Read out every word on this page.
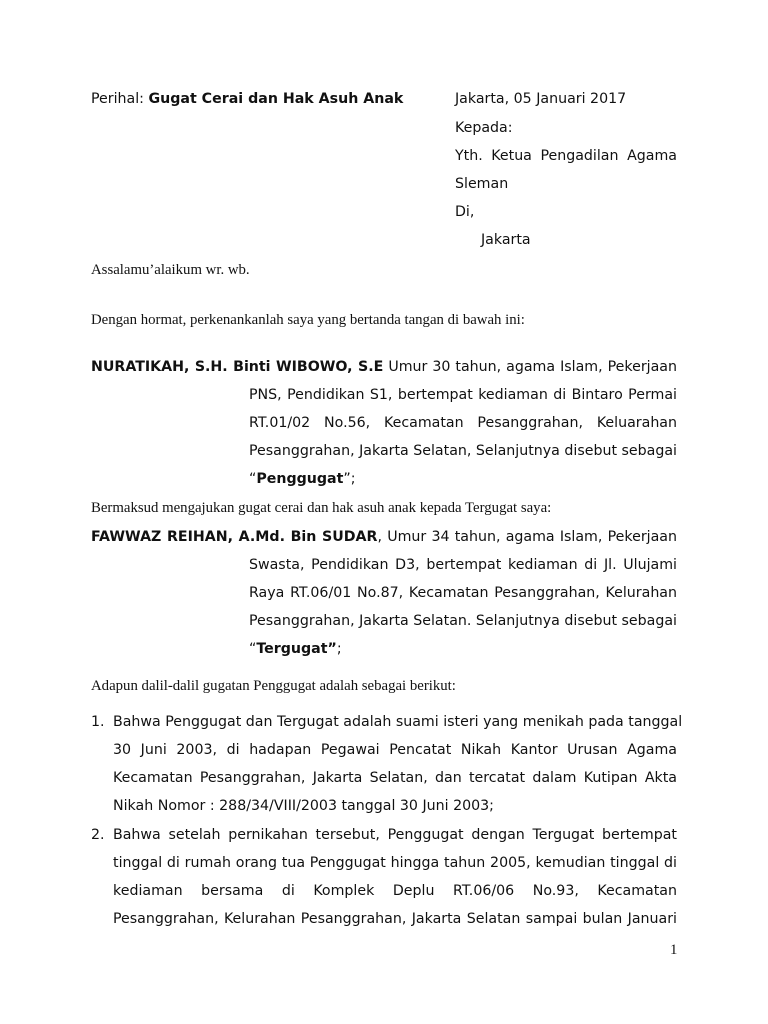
Perihal: Gugat Cerai dan Hak Asuh Anak	Jakarta, 05 Januari 2017
Kepada:
Yth. Ketua Pengadilan Agama
Sleman
Di,
Jakarta
Assalamu’alaikum wr. wb.
Dengan hormat, perkenankanlah saya yang bertanda tangan di bawah ini:
NURATIKAH, S.H. Binti WIBOWO, S.E Umur 30 tahun, agama Islam, Pekerjaan
PNS, Pendidikan S1, bertempat kediaman di Bintaro Permai
RT.01/02 No.56, Kecamatan Pesanggrahan, Keluarahan
Pesanggrahan, Jakarta Selatan, Selanjutnya disebut sebagai
“Penggugat”;
Bermaksud mengajukan gugat cerai dan hak asuh anak kepada Tergugat saya:
FAWWAZ REIHAN, A.Md. Bin SUDAR, Umur 34 tahun, agama Islam, Pekerjaan
Swasta, Pendidikan D3, bertempat kediaman di Jl. Ulujami
Raya RT.06/01 No.87, Kecamatan Pesanggrahan, Kelurahan
Pesanggrahan, Jakarta Selatan. Selanjutnya disebut sebagai
“Tergugat”;
Adapun dalil-dalil gugatan Penggugat adalah sebagai berikut:
1. Bahwa Penggugat dan Tergugat adalah suami isteri yang menikah pada tanggal
30 Juni 2003, di hadapan Pegawai Pencatat Nikah Kantor Urusan Agama
Kecamatan Pesanggrahan, Jakarta Selatan, dan tercatat dalam Kutipan Akta
Nikah Nomor : 288/34/VIII/2003 tanggal 30 Juni 2003;
2. Bahwa setelah pernikahan tersebut, Penggugat dengan Tergugat bertempat
tinggal di rumah orang tua Penggugat hingga tahun 2005, kemudian tinggal di
kediaman bersama di Komplek Deplu RT.06/06 No.93, Kecamatan
Pesanggrahan, Kelurahan Pesanggrahan, Jakarta Selatan sampai bulan Januari
1
